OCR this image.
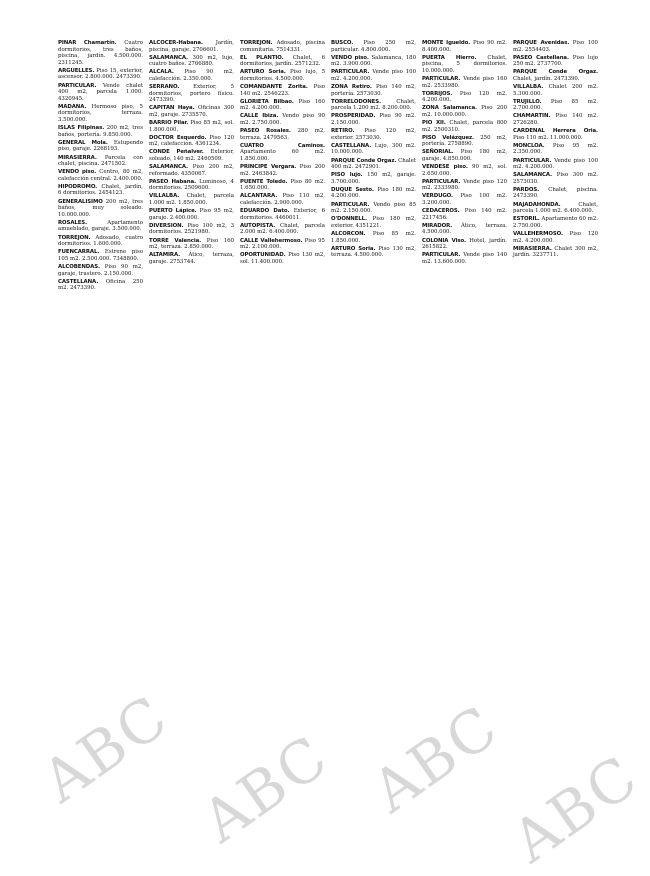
ABC ABC ABC
ABC

PINAR Chamartín. Cuatro dormitorios, tres baños, piscina, jardín. 4.500.000. 2311245.

ARGUELLES. Piso 15, exterior, ascensor. 2.800.000. 2473390.

PARTICULAR. Vende chalet 400 m2, parcela 1.000. 4320945.

MADANA. Hermoso piso, 5 dormitorios, terraza. 3.500.000.

ISLAS Filipinas. 200 m2, tres baños, portería. 9.850.000.

GENERAL Mola. Estupendo piso, garaje. 2268193.

MIRASIERRA. Parcela con chalet, piscina. 2471502.

VENDO piso. Centro, 80 m2, calefacción central. 2.400.000.

HIPODROMO. Chalet, jardín, 6 dormitorios. 2454123.

GENERALISIMO 200 m2, tres baños, muy soleado. 10.000.000.

ROSALES.	Apartamento amueblado, garaje. 3.500.000.

TORREJON. Adosado, cuatro dormitorios. 1.600.000.

FUENCARRAL. Estrene piso 105 m2. 2.500.000. 7348800.

ALCOBENDAS. Piso 90 m2, garaje, trastero. 2.150.000.

CASTELLANA. Oficina 250 m2. 2473390.

ALCOCER-Habana. Jardín, piscina, garaje. 2706601.

SALAMANCA. 300 m2, lujo, cuatro baños. 2766880.

ALCALA. Piso 90 m2, calefacción. 2.350.000.

SERRANO.	Exterior, 5 dormitorios, portero físico. 2473390.

CAPITAN Haya. Oficinas 300 m2, garaje. 2735570.

BARRIO Pilar. Piso 85 m2, sol. 1.800.000.

DOCTOR Esquerdo. Piso 120 m2, calefacción. 4361234.

CONDE Peñalver. Exterior, soleado, 140 m2. 2460509.

SALAMANCA. Piso 200 m2, reformado. 4350067.

PASEO Habana. Luminoso, 4 dormitorios. 2509600.

VILLALBA. Chalet, parcela 1.000 m2. 1.850.000.

PUERTO Lápice. Piso 95 m2, garaje. 2.400.000.

DIVERSION. Piso 100 m2, 3 dormitorios. 2521980.

TORRE Valencia. Piso 160 m2, terraza. 2.850.000.

ALTAMIRA. Ático, terraza, garaje. 2753744.

TORREJON. Adosado, piscina comunitaria. 7514331.

EL PLANTIO. Chalet, 6 dormitorios, jardín. 2571232.

ARTURO Soria. Piso lujo, 5 dormitorios. 4.500.000.

COMANDANTE Zorita. Piso 140 m2. 2546223.

GLORIETA Bilbao. Piso 160 m2. 4.200.000.

CALLE Ibiza. Vendo piso 90 m2. 2.750.000.

PASEO Rosales. 280 m2, terraza. 2479563.

CUATRO Caminos. Apartamento 60 m2. 1.850.000.

PRINCIPE Vergara. Piso 200 m2. 2463842.

PUENTE Toledo. Piso 80 m2. 1.650.000.

ALCANTARA. Piso 110 m2, calefacción. 2.900.000.

EDUARDO Dato. Exterior, 6 dormitorios. 4460011.

AUTOPISTA. Chalet, parcela 2.000 m2. 6.400.000.

CALLE Vallehermoso. Piso 95 m2. 2.100.000.

OPORTUNIDAD. Piso 130 m2, sol. 11.400.000.

BUSCO. Piso 250 m2, particular. 4.800.000.

VENDO piso. Salamanca, 180 m2. 3.900.000.

PARTICULAR. Vende piso 100 m2. 4.200.000.

ZONA Retiro. Piso 140 m2, portería. 2573030.

TORRELODONES.	Chalet, parcela 1.200 m2. 8.200.000.

PROSPERIDAD. Piso 90 m2. 2.150.000.

RETIRO. Piso 120 m2, exterior. 2573030.

CASTELLANA. Lujo, 300 m2. 10.000.000.

PARQUE Conde Orgaz. Chalet 400 m2. 2472901.

PISO lujo. 150 m2, garaje. 3.700.000.

DUQUE Sesto. Piso 180 m2. 4.200.000.

PARTICULAR. Vendo piso 85 m2. 2.150.000.

O'DONNELL. Piso 180 m2, exterior. 4351221.

ALCORCON. Piso 85 m2. 1.850.000.

ARTURO Soria. Piso 130 m2, terraza. 4.500.000.

MONTE Igueldo. Piso 90 m2. 8.400.000.

PUERTA Hierro. Chalet, piscina, 5 dormitorios. 10.000.000.

PARTICULAR. Vende piso 160 m2. 2533980.

TORRIJOS. Piso 120 m2. 4.200.000.

ZONA Salamanca. Piso 200 m2. 10.000.000.

PIO XII. Chalet, parcela 800 m2. 2500310.

PISO Velázquez. 250 m2, portería. 2758890.

SEÑORIAL. Piso 180 m2, garaje. 4.850.000.

VENDESE piso. 90 m2, sol. 2.650.000.

PARTICULAR. Vende piso 120 m2. 2333980.

VERDUGO. Piso 100 m2. 3.200.000.

CEDACEROS. Piso 140 m2. 2217456.

MIRADOR. Ático, terraza. 4.500.000.

COLONIA Viso. Hotel, jardín. 2615822.

PARTICULAR. Vende piso 140 m2. 13.600.000.

PARQUE Avenidas. Piso 100 m2. 2554403.

PASEO Castellana. Piso lujo 250 m2. 2737700.

PARQUE Conde Orgaz. Chalet, jardín. 2473390.

VILLALBA. Chalet 200 m2. 5.300.000.

TRUJILLO. Piso 85 m2. 2.700.000.

CHAMARTIN. Piso 140 m2. 2726280.

CARDENAL Herrera Oria. Piso 110 m2. 11.000.000.

MONCLOA. Piso 95 m2. 2.350.000.

PARTICULAR. Vende piso 100 m2. 4.200.000.

SALAMANCA. Piso 300 m2. 2573030.

PARDOS. Chalet, piscina. 2473390.

MAJADAHONDA.	Chalet, parcela 1.000 m2. 6.400.000.

ESTORIL. Apartamento 60 m2. 2.750.000.

VALLEHERMOSO. Piso 120 m2. 4.200.000.

MIRASIERRA. Chalet 300 m2, jardín. 3237711.
